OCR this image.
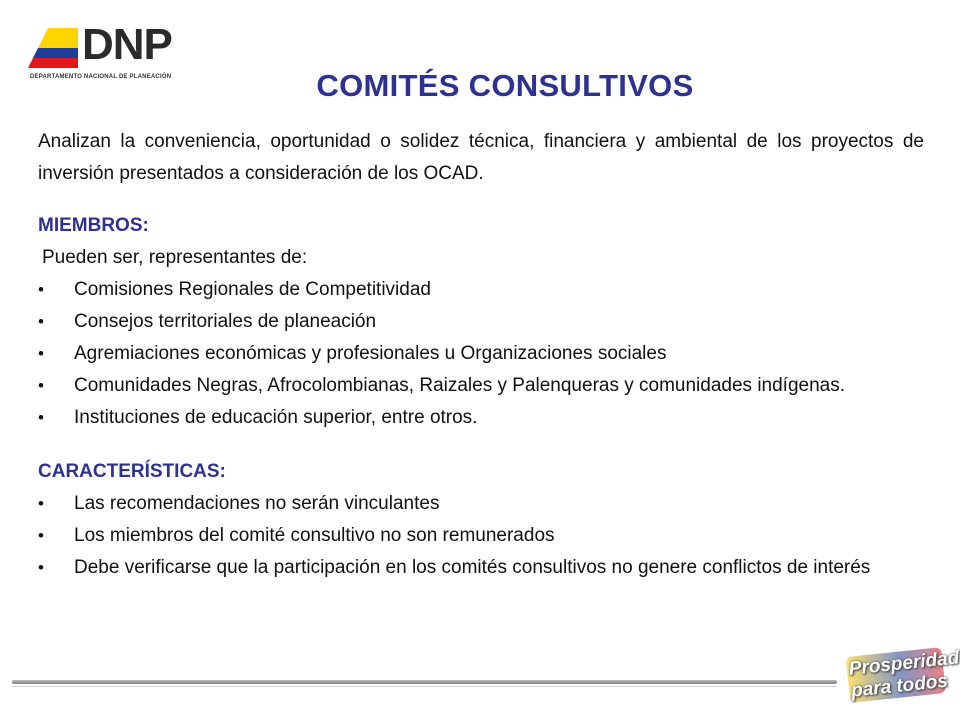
DNP
DEPARTAMENTO NACIONAL DE PLANEACIÓN	COMITÉS CONSULTIVOS

Analizan la conveniencia, oportunidad o solidez técnica, financiera y ambiental de los proyectos de inversión presentados a consideración de los OCAD.

MIEMBROS:
Pueden ser, representantes de:
• Comisiones Regionales de Competitividad
• Consejos territoriales de planeación
• Agremiaciones económicas y profesionales u Organizaciones sociales
• Comunidades Negras, Afrocolombianas, Raizales y Palenqueras y comunidades indígenas.
• Instituciones de educación superior, entre otros.
CARACTERÍSTICAS:
• Las recomendaciones no serán vinculantes
• Los miembros del comité consultivo no son remunerados
• Debe verificarse que la participación en los comités consultivos no genere conflictos de interés
Prosperidad
para todos
